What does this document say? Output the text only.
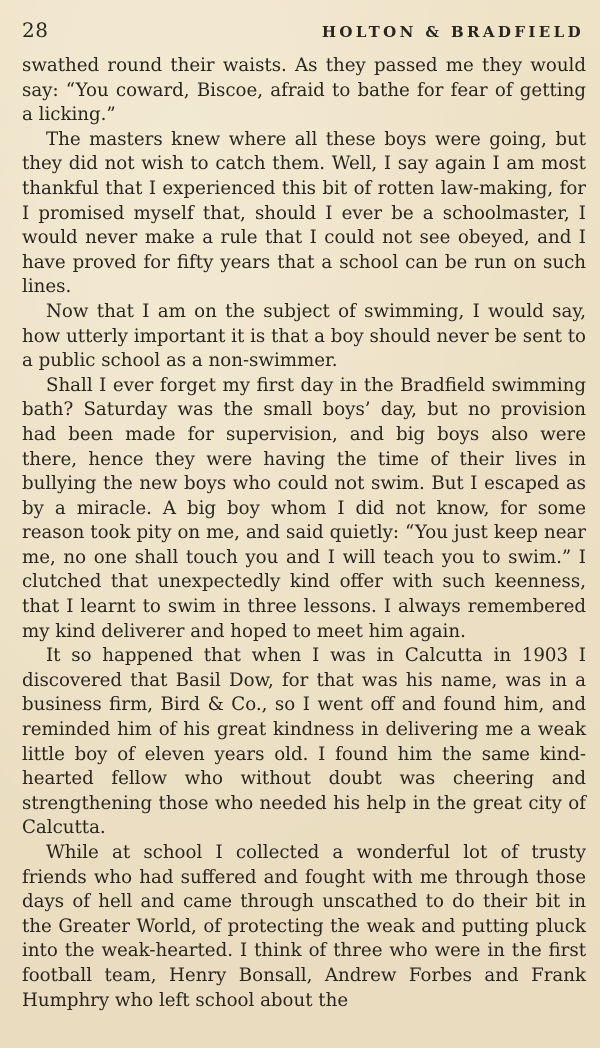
28	HOLTON & BRADFIELD

swathed round their waists. As they passed me they would say: “You coward, Biscoe, afraid to bathe for fear of getting a licking.”

The masters knew where all these boys were going, but they did not wish to catch them. Well, I say again I am most thankful that I experienced this bit of rotten law-making, for I promised myself that, should I ever be a schoolmaster, I would never make a rule that I could not see obeyed, and I have proved for fifty years that a school can be run on such lines.

Now that I am on the subject of swimming, I would say, how utterly important it is that a boy should never be sent to a public school as a non-swimmer.

Shall I ever forget my first day in the Bradfield swimming bath? Saturday was the small boys’ day, but no provision had been made for supervision, and big boys also were there, hence they were having the time of their lives in bullying the new boys who could not swim. But I escaped as by a miracle. A big boy whom I did not know, for some reason took pity on me, and said quietly: “You just keep near me, no one shall touch you and I will teach you to swim.” I clutched that unexpectedly kind offer with such keenness, that I learnt to swim in three lessons. I always remembered my kind deliverer and hoped to meet him again.

It so happened that when I was in Calcutta in 1903 I discovered that Basil Dow, for that was his name, was in a business firm, Bird & Co., so I went off and found him, and reminded him of his great kindness in delivering me a weak little boy of eleven years old. I found him the same kind-hearted fellow who without doubt was cheering and strengthening those who needed his help in the great city of Calcutta.

While at school I collected a wonderful lot of trusty friends who had suffered and fought with me through those days of hell and came through unscathed to do their bit in the Greater World, of protecting the weak and putting pluck into the weak-hearted. I think of three who were in the first football team, Henry Bonsall, Andrew Forbes and Frank Humphry who left school about the
